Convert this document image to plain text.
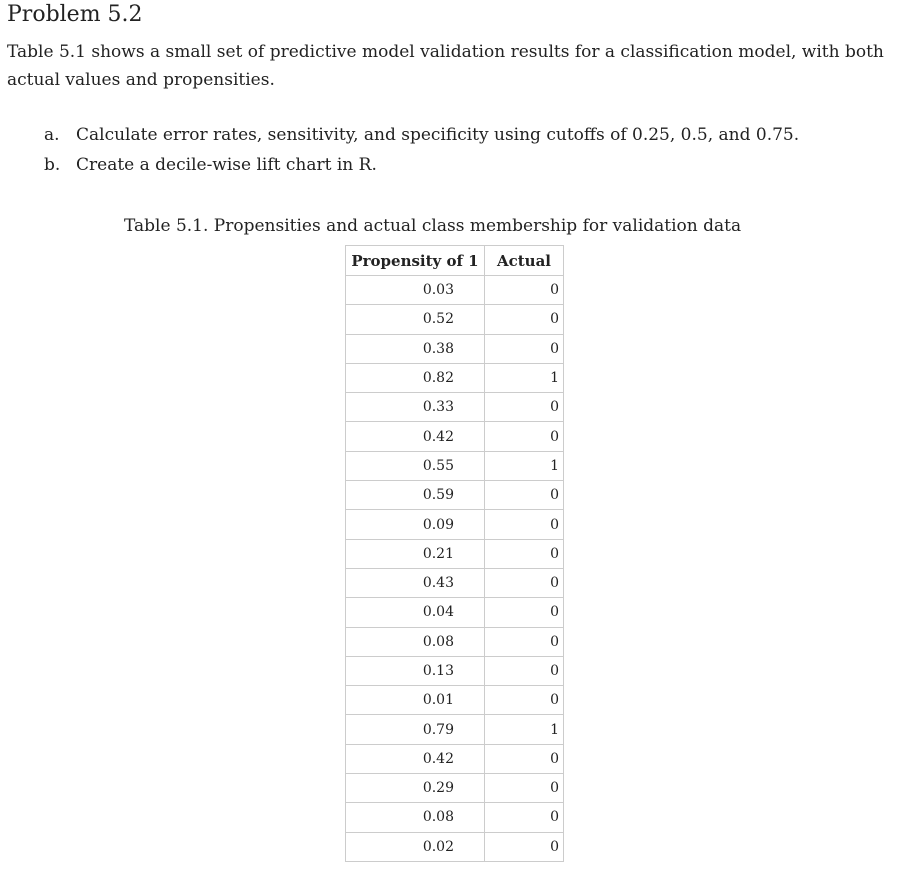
Problem 5.2
Table 5.1 shows a small set of predictive model validation results for a classification model, with both actual values and propensities.
a. Calculate error rates, sensitivity, and specificity using cutoffs of 0.25, 0.5, and 0.75.
b. Create a decile-wise lift chart in R.
Table 5.1. Propensities and actual class membership for validation data
Propensity of 1	Actual
0.03	0
0.52	0
0.38	0
0.82	1
0.33	0
0.42	0
0.55	1
0.59	0
0.09	0
0.21	0
0.43	0
0.04	0
0.08	0
0.13	0
0.01	0
0.79	1
0.42	0
0.29	0
0.08	0
0.02	0
